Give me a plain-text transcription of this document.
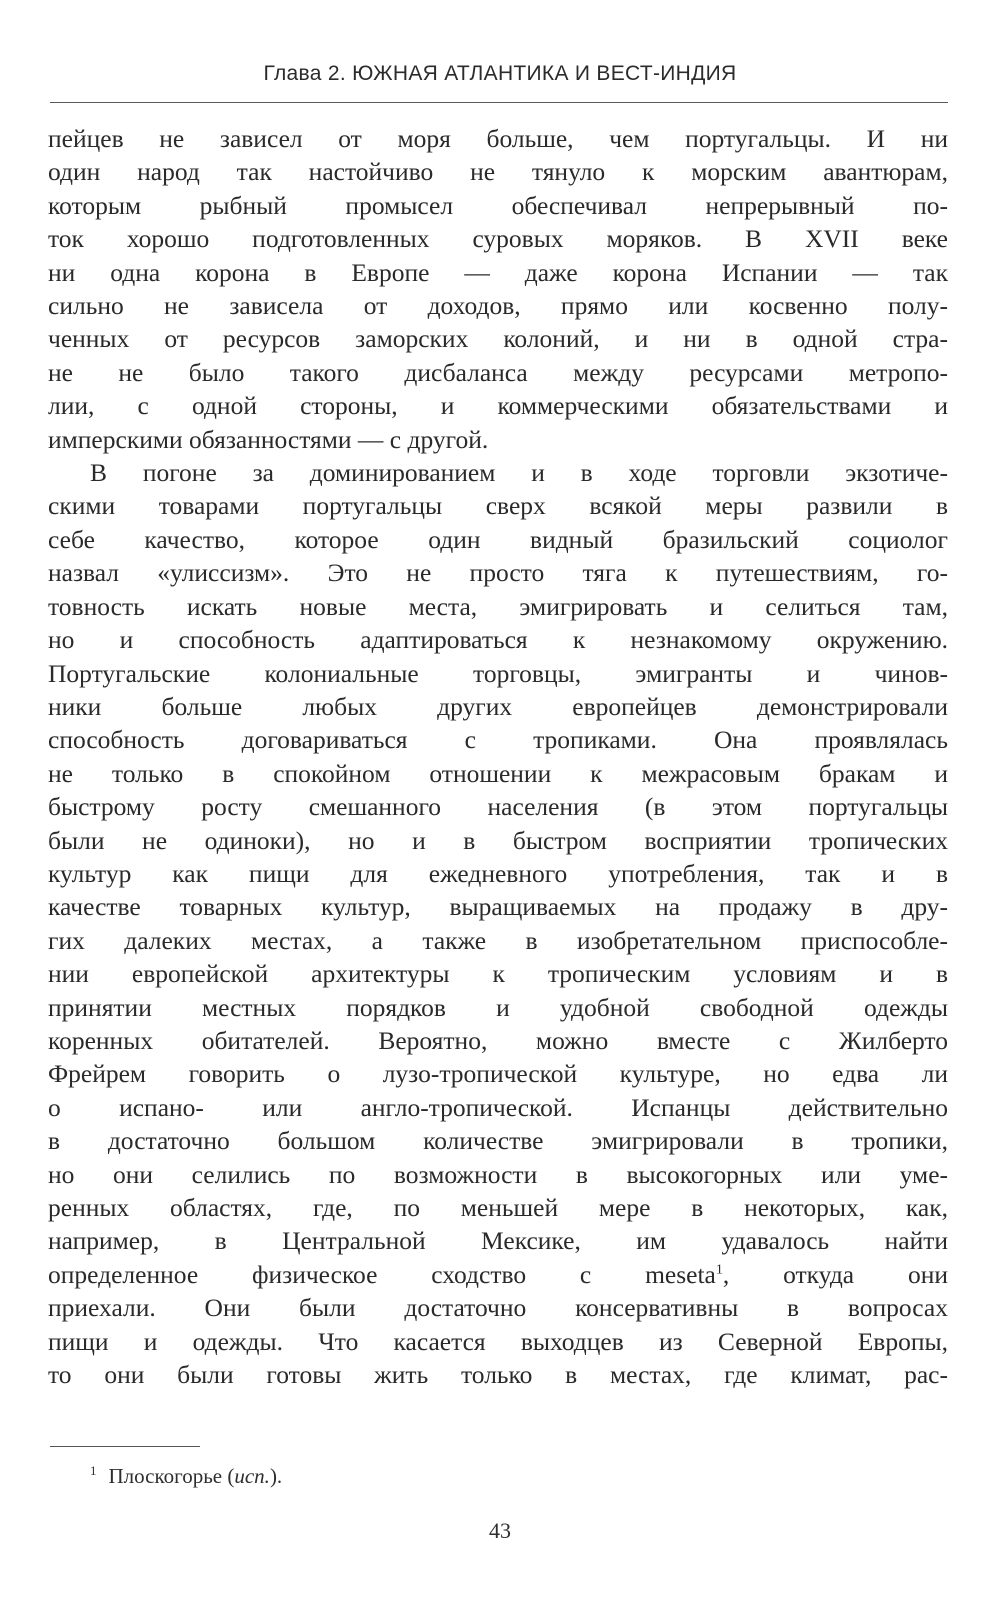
Глава 2. ЮЖНАЯ АТЛАНТИКА И ВЕСТ-ИНДИЯ

пейцев не зависел от моря больше, чем португальцы. И ни
один народ так настойчиво не тянуло к морским авантюрам,
которым рыбный промысел обеспечивал непрерывный по-
ток хорошо подготовленных суровых моряков. В XVII веке
ни одна корона в Европе — даже корона Испании — так
сильно не зависела от доходов, прямо или косвенно полу-
ченных от ресурсов заморских колоний, и ни в одной стра-
не не было такого дисбаланса между ресурсами метропо-
лии, с одной стороны, и коммерческими обязательствами и
имперскими обязанностями — с другой.

В погоне за доминированием и в ходе торговли экзотиче-
скими товарами португальцы сверх всякой меры развили в
себе качество, которое один видный бразильский социолог
назвал «улиссизм». Это не просто тяга к путешествиям, го-
товность искать новые места, эмигрировать и селиться там,
но и способность адаптироваться к незнакомому окружению.
Португальские колониальные торговцы, эмигранты и чинов-
ники больше любых других европейцев демонстрировали
способность договариваться с тропиками. Она проявлялась
не только в спокойном отношении к межрасовым бракам и
быстрому росту смешанного населения (в этом португальцы
были не одиноки), но и в быстром восприятии тропических
культур как пищи для ежедневного употребления, так и в
качестве товарных культур, выращиваемых на продажу в дру-
гих далеких местах, а также в изобретательном приспособле-
нии европейской архитектуры к тропическим условиям и в
принятии местных порядков и удобной свободной одежды
коренных обитателей. Вероятно, можно вместе с Жилберто
Фрейрем говорить о лузо-тропической культуре, но едва ли
о испано- или англо-тропической. Испанцы действительно
в достаточно большом количестве эмигрировали в тропики,
но они селились по возможности в высокогорных или уме-
ренных областях, где, по меньшей мере в некоторых, как,
например, в Центральной Мексике, им удавалось найти
определенное физическое сходство с meseta$^1$, откуда они
приехали. Они были достаточно консервативны в вопросах
пищи и одежды. Что касается выходцев из Северной Европы,
то они были готовы жить только в местах, где климат, рас-

$^1$ Плоскогорье (исп.).
43
